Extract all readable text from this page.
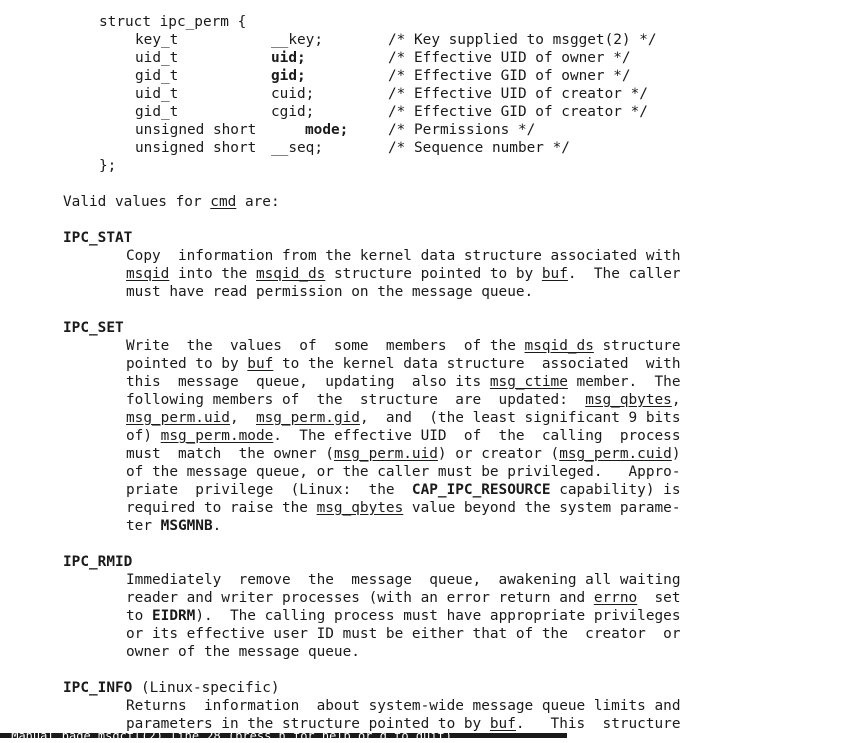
struct ipc_perm {
key_t	__key;	/* Key supplied to msgget(2) */
uid_t	uid;	/* Effective UID of owner */
gid_t	gid;	/* Effective GID of owner */
uid_t	cuid;	/* Effective UID of creator */
gid_t	cgid;	/* Effective GID of creator */
unsigned short	mode;	/* Permissions */
unsigned short __seq;	/* Sequence number */
};
Valid values for cmd are:
IPC_STAT
Copy  information from the kernel data structure associated with
msqid into the msqid_ds structure pointed to by buf.  The caller
must have read permission on the message queue.
IPC_SET
Write  the  values  of  some  members  of the msqid_ds structure
pointed to by buf to the kernel data structure  associated  with
this  message  queue,  updating  also its msg_ctime member.  The
following members of  the  structure  are  updated:  msg_qbytes,
msg_perm.uid,  msg_perm.gid,  and  (the least significant 9 bits
of) msg_perm.mode.  The effective UID  of  the  calling  process
must  match  the owner (msg_perm.uid) or creator (msg_perm.cuid)
of the message queue, or the caller must be privileged.   Appro-
priate  privilege  (Linux:  the  CAP_IPC_RESOURCE capability) is
required to raise the msg_qbytes value beyond the system parame-
ter MSGMNB.
IPC_RMID
Immediately  remove  the  message  queue,  awakening all waiting
reader and writer processes (with an error return and errno  set
to EIDRM).  The calling process must have appropriate privileges
or its effective user ID must be either that of the  creator  or
owner of the message queue.
IPC_INFO (Linux-specific)
Returns  information  about system-wide message queue limits and
parameters in the structure pointed to by buf.   This  structure
Manual page msgctl(2) line 28 (press h for help or q to quit)
